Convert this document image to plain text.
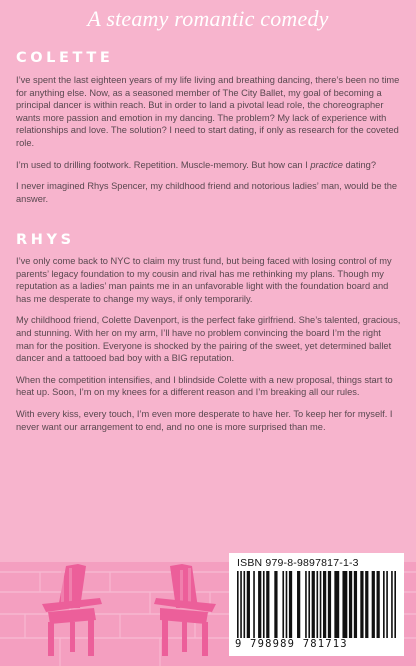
A steamy romantic comedy
COLETTE

I’ve spent the last eighteen years of my life living and breathing dancing, there’s been no time for anything else. Now, as a seasoned member of The City Ballet, my goal of becoming a principal dancer is within reach. But in order to land a pivotal lead role, the choreographer wants more passion and emotion in my dancing. The problem? My lack of experience with relationships and love. The solution? I need to start dating, if only as research for the coveted role.

I’m used to drilling footwork. Repetition. Muscle-memory. But how can I practice dating?

I never imagined Rhys Spencer, my childhood friend and notorious ladies’ man, would be the answer.

RHYS

I’ve only come back to NYC to claim my trust fund, but being faced with losing control of my parents’ legacy foundation to my cousin and rival has me rethinking my plans. Though my reputation as a ladies’ man paints me in an unfavorable light with the foundation board and has me desperate to change my ways, if only temporarily.

My childhood friend, Colette Davenport, is the perfect fake girlfriend. She’s talented, gracious, and stunning. With her on my arm, I’ll have no problem convincing the board I’m the right man for the position. Everyone is shocked by the pairing of the sweet, yet determined ballet dancer and a tattooed bad boy with a BIG reputation.

When the competition intensifies, and I blindside Colette with a new proposal, things start to heat up. Soon, I’m on my knees for a different reason and I’m breaking all our rules.

With every kiss, every touch, I’m even more desperate to have her. To keep her for myself. I never want our arrangement to end, and no one is more surprised than me.

ISBN 979-8-9897817-1-3
9 798989 781713
